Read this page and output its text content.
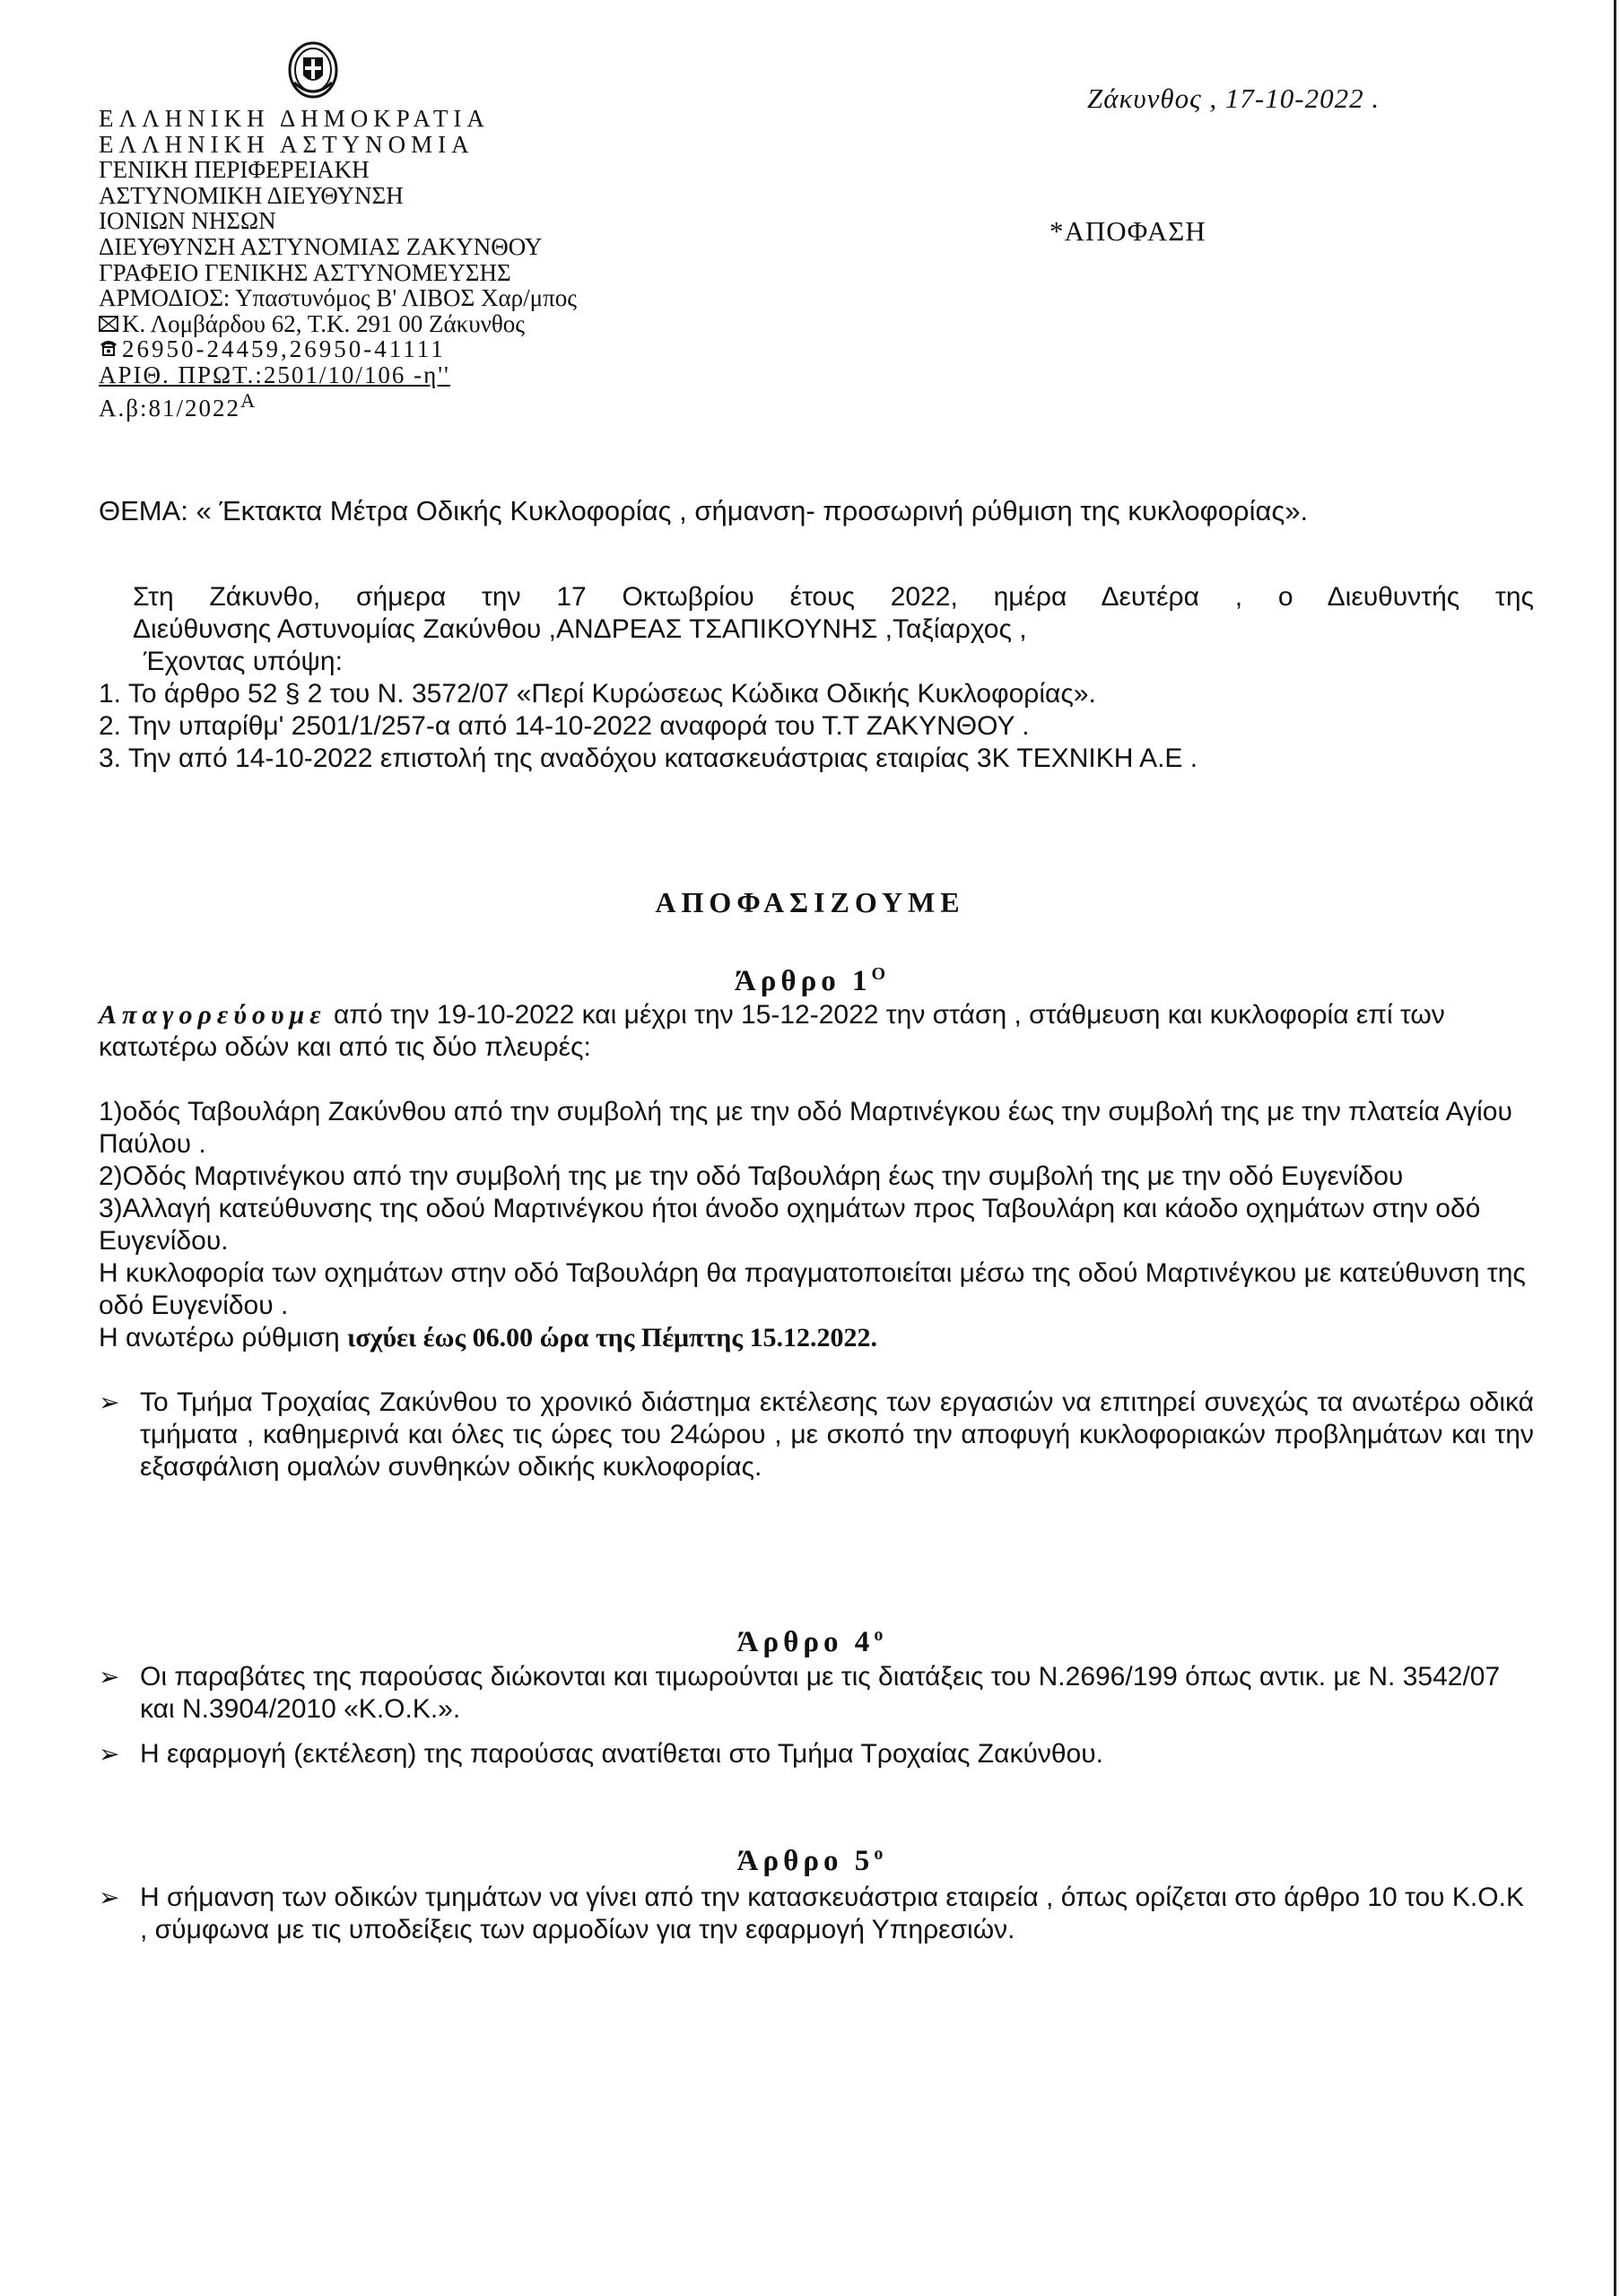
ΕΛΛΗΝΙΚΗ ΔΗΜΟΚΡΑΤΙΑ
ΕΛΛΗΝΙΚΗ ΑΣΤΥΝΟΜΙΑ
ΓΕΝΙΚΗ ΠΕΡΙΦΕΡΕΙΑΚΗ
ΑΣΤΥΝΟΜΙΚΗ ΔΙΕΥΘΥΝΣΗ
ΙΟΝΙΩΝ ΝΗΣΩΝ
ΔΙΕΥΘΥΝΣΗ ΑΣΤΥΝΟΜΙΑΣ ΖΑΚΥΝΘΟΥ
ΓΡΑΦΕΙΟ ΓΕΝΙΚΗΣ ΑΣΤΥΝΟΜΕΥΣΗΣ
ΑΡΜΟΔΙΟΣ: Υπαστυνόμος Β' ΛΙΒΟΣ Χαρ/μπος
Κ. Λομβάρδου 62, Τ.Κ. 291 00 Ζάκυνθος
26950-24459,26950-41111
ΑΡΙΘ. ΠΡΩΤ.:2501/10/106 -η''
$A.\beta:81/2022^A$
Ζάκυνθος , 17-10-2022 .
*ΑΠΟΦΑΣΗ
ΘΕΜΑ: « Έκτακτα Μέτρα Οδικής Κυκλοφορίας , σήμανση- προσωρινή ρύθμιση της κυκλοφορίας».

Στη Ζάκυνθο, σήμερα την 17 Οκτωβρίου έτους 2022, ημέρα Δευτέρα , ο Διευθυντής της

Διεύθυνσης Αστυνομίας Ζακύνθου ,ΑΝΔΡΕΑΣ ΤΣΑΠΙΚΟΥΝΗΣ ,Ταξίαρχος ,

Έχοντας υπόψη:

1. Το άρθρο 52 § 2 του Ν. 3572/07 «Περί Κυρώσεως Κώδικα Οδικής Κυκλοφορίας».
2. Την υπαρίθμ' 2501/1/257-α από 14-10-2022 αναφορά του Τ.Τ ΖΑΚΥΝΘΟΥ .
3. Την από 14-10-2022 επιστολή της αναδόχου κατασκευάστριας εταιρίας 3Κ ΤΕΧΝΙΚΗ Α.Ε .
ΑΠΟΦΑΣΙΖΟΥΜΕ
Άρθρο $1^O$

Απαγορεύουμε από την 19-10-2022 και μέχρι την 15-12-2022 την στάση , στάθμευση και κυκλοφορία επί των κατωτέρω οδών και από τις δύο πλευρές:

1)οδός Ταβουλάρη Ζακύνθου από την συμβολή της με την οδό Μαρτινέγκου έως την συμβολή της με την πλατεία Αγίου Παύλου .

2)Οδός Μαρτινέγκου από την συμβολή της με την οδό Ταβουλάρη έως την συμβολή της με την οδό Ευγενίδου

3)Αλλαγή κατεύθυνσης της οδού Μαρτινέγκου ήτοι άνοδο οχημάτων προς Ταβουλάρη και κάοδο οχημάτων στην οδό Ευγενίδου.

Η κυκλοφορία των οχημάτων στην οδό Ταβουλάρη θα πραγματοποιείται μέσω της οδού Μαρτινέγκου με κατεύθυνση της οδό Ευγενίδου .

Η ανωτέρω ρύθμιση ισχύει έως 06.00 ώρα της Πέμπτης 15.12.2022.

➢ Το Τμήμα Τροχαίας Ζακύνθου το χρονικό διάστημα εκτέλεσης των εργασιών να επιτηρεί συνεχώς τα ανωτέρω οδικά τμήματα , καθημερινά και όλες τις ώρες του 24ώρου , με σκοπό την αποφυγή κυκλοφοριακών προβλημάτων και την εξασφάλιση ομαλών συνθηκών οδικής κυκλοφορίας.
Άρθρο $4^o$
➢ Οι παραβάτες της παρούσας διώκονται και τιμωρούνται με τις διατάξεις του Ν.2696/199 όπως αντικ. με Ν. 3542/07 και Ν.3904/2010 «Κ.Ο.Κ.».
➢ Η εφαρμογή (εκτέλεση) της παρούσας ανατίθεται στο Τμήμα Τροχαίας Ζακύνθου.
Άρθρο $5^o$
➢ Η σήμανση των οδικών τμημάτων να γίνει από την κατασκευάστρια εταιρεία , όπως ορίζεται στο άρθρο 10 του Κ.Ο.Κ , σύμφωνα με τις υποδείξεις των αρμοδίων για την εφαρμογή Υπηρεσιών.
